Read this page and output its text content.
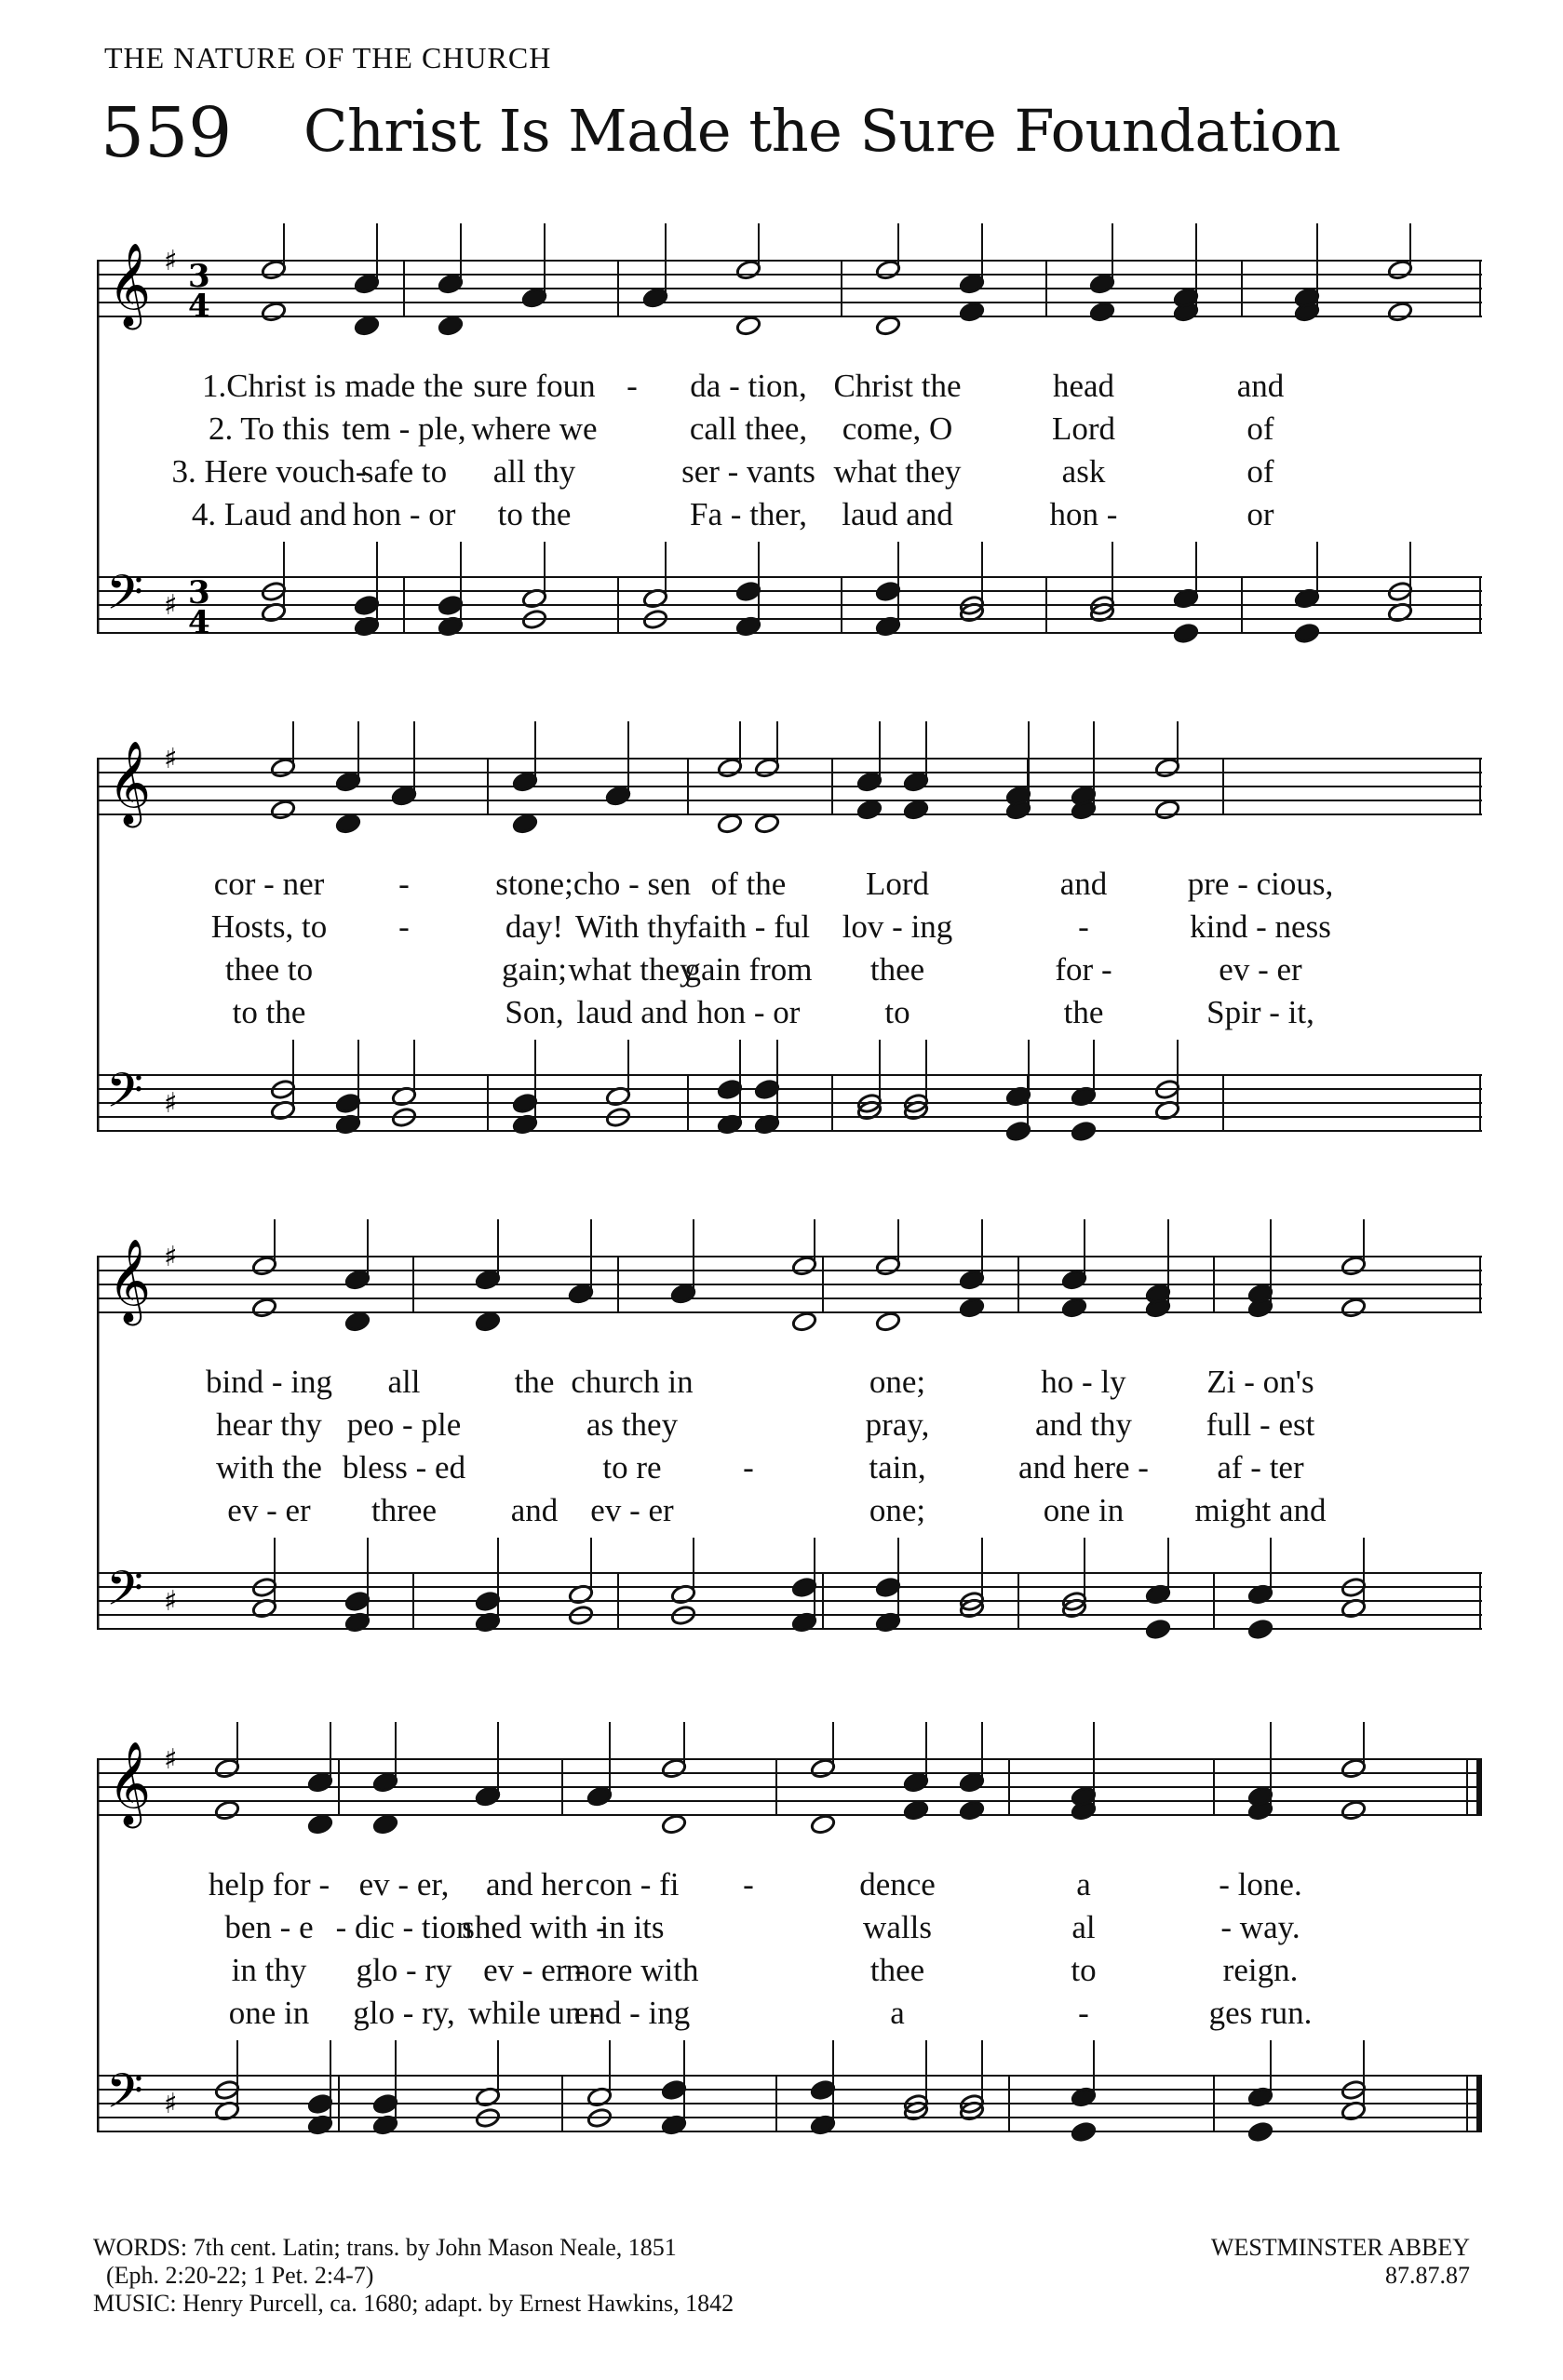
THE NATURE OF THE CHURCH
559 Christ Is Made the Sure Foundation
𝄞
𝄢
♯
♯
3
4
3
4
1.Christ is made the sure foun - da - tion, Christ the	head	and
2. To this tem - ple, where we	call thee, come, O	Lord	of
3. Here vouch-
safe to all thy	ser - vants what they	ask	of
4. Laud and hon - or to the	Fa - ther, laud and	hon -	or
𝄞
𝄢
♯
♯
cor - ner -	stone; cho - sen of the Lord	and pre - cious,
Hosts, to -	day! With thy
faith - ful lov - ing	-	kind - ness
thee to	gain; what they
gain from thee	for -	ev - er
to the	Son, laud and hon - or	to	the	Spir - it,
𝄞
𝄢
♯
♯
bind - ing all	the church in	one;	ho - ly Zi - on's
hear thy peo - ple	as they	pray,	and thy full - est
with the bless - ed	to re	-	tain,	and here - af - ter
ev - er three and ev - er	one;	one in might and
𝄞
𝄢
♯
♯
help for - ev - er, and her con - fi -	dence	a	- lone.
ben - e - dic - tion
shed with -
in its	walls	al	- way.
in thy glo - ry ev - er -
more with	thee	to	reign.
one in glo - ry, while un -
end - ing	a	-	ges run.
WORDS: 7th cent. Latin; trans. by John Mason Neale, 1851
(Eph. 2:20-22; 1 Pet. 2:4-7)
MUSIC: Henry Purcell, ca. 1680; adapt. by Ernest Hawkins, 1842
WESTMINSTER ABBEY
87.87.87
